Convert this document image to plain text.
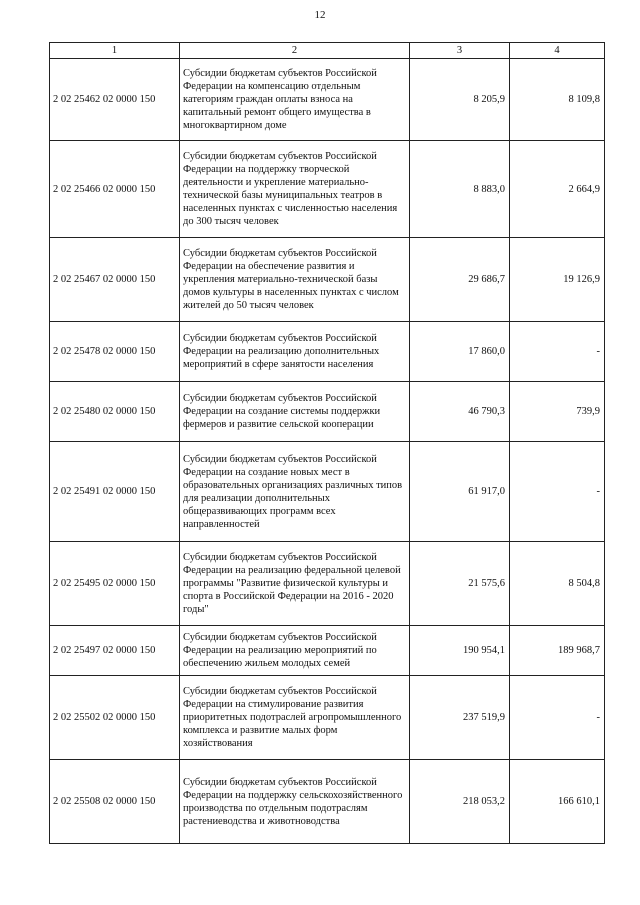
12
1	2	3	4
2 02 25462 02 0000 150	Субсидии бюджетам субъектов Российской Федерации на компенсацию отдельным категориям граждан оплаты взноса на капитальный ремонт общего имущества в многоквартирном доме	8 205,9	8 109,8
2 02 25466 02 0000 150	Субсидии бюджетам субъектов Российской Федерации на поддержку творческой деятельности и укрепление материально-технической базы муниципальных театров в населенных пунктах с численностью населения до 300 тысяч человек	8 883,0	2 664,9
2 02 25467 02 0000 150	Субсидии бюджетам субъектов Российской Федерации на обеспечение развития и укрепления материально-технической базы домов культуры в населенных пунктах с числом жителей до 50 тысяч человек	29 686,7	19 126,9
2 02 25478 02 0000 150	Субсидии бюджетам субъектов Российской Федерации на реализацию дополнительных мероприятий в сфере занятости населения	17 860,0	-
2 02 25480 02 0000 150	Субсидии бюджетам субъектов Российской Федерации на создание системы поддержки фермеров и развитие сельской кооперации	46 790,3	739,9
2 02 25491 02 0000 150	Субсидии бюджетам субъектов Российской Федерации на создание новых мест в образовательных организациях различных типов для реализации дополнительных общеразвивающих программ всех направленностей	61 917,0	-
2 02 25495 02 0000 150	Субсидии бюджетам субъектов Российской Федерации на реализацию федеральной целевой программы "Развитие физической культуры и спорта в Российской Федерации на 2016 - 2020 годы"	21 575,6	8 504,8
2 02 25497 02 0000 150	Субсидии бюджетам субъектов Российской Федерации на реализацию мероприятий по обеспечению жильем молодых семей	190 954,1	189 968,7
2 02 25502 02 0000 150	Субсидии бюджетам субъектов Российской Федерации на стимулирование развития приоритетных подотраслей агропромышленного комплекса и развитие малых форм хозяйствования	237 519,9	-
2 02 25508 02 0000 150	Субсидии бюджетам субъектов Российской Федерации на поддержку сельскохозяйственного производства по отдельным подотраслям растениеводства и животноводства	218 053,2	166 610,1
